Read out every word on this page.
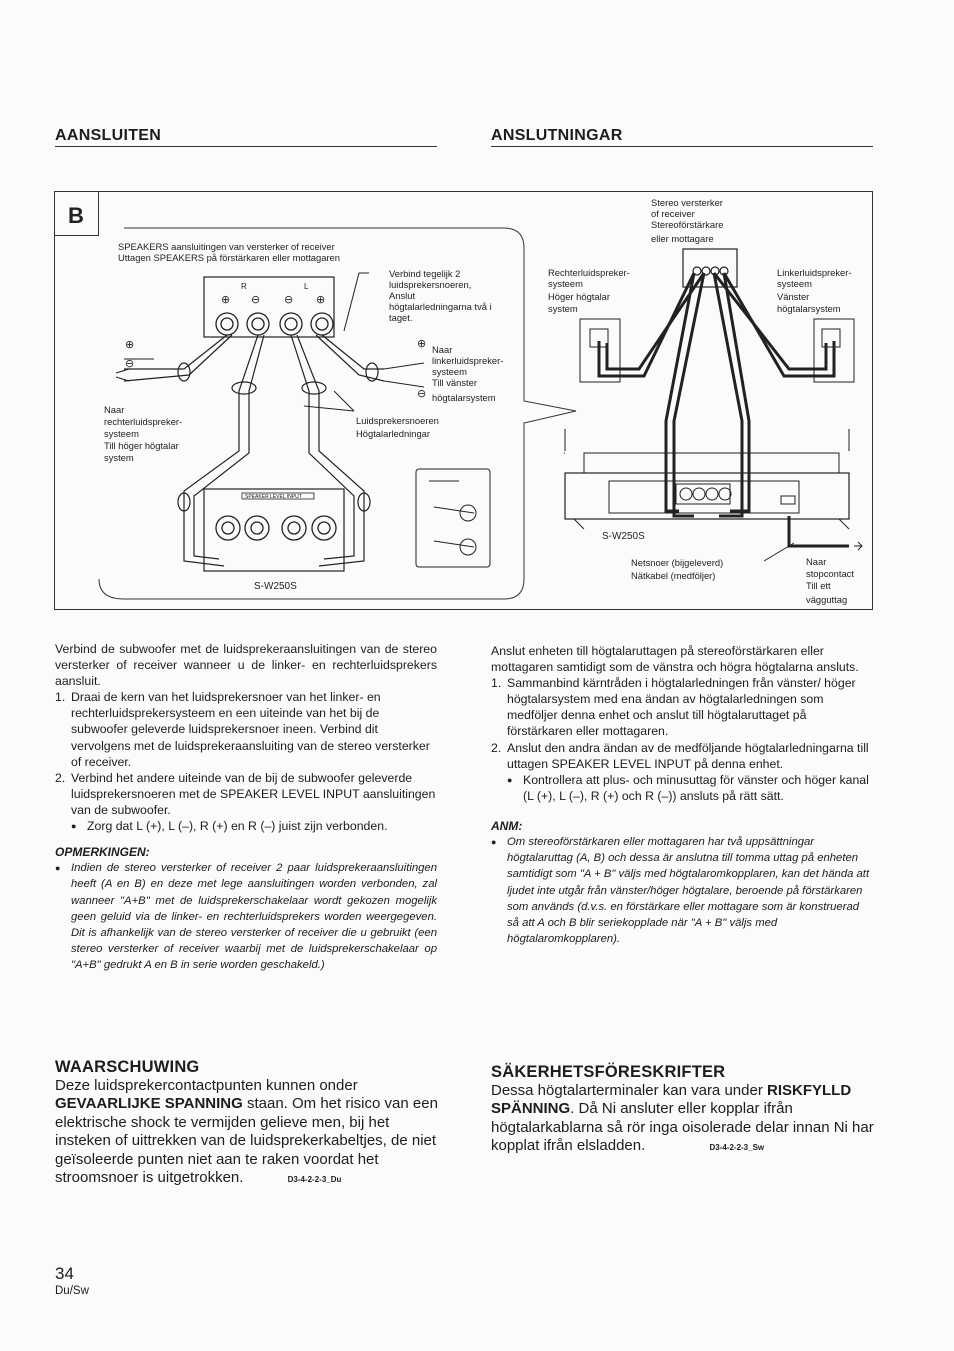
AANSLUITEN	ANSLUTNINGAR
B
SPEAKERS aansluitingen van versterker of receiver
Uttagen SPEAKERS på förstärkaren eller mottagaren
R	L
⊕ ⊖ ⊖ ⊕
Verbind tegelijk 2
luidsprekersnoeren,
Anslut
högtalarledningarna två i
taget.
⊕
⊖
⊕
⊖
Naar
linkerluidspreker-
systeem
Till vänster
högtalarsystem
Naar
rechterluidspreker-
systeem
Till höger högtalar
system
Luidsprekersnoeren
Högtalarledningar
SPEAKER LEVEL INPUT
S-W250S
Stereo versterker
of receiver
Stereoförstärkare
eller mottagare
Rechterluidspreker-
systeem
Höger högtalar
system
Linkerluidspreker-
systeem
Vänster
högtalarsystem
S-W250S
Netsnoer (bijgeleverd)
Nätkabel (medföljer)
Naar
stopcontact
Till ett
vägguttag

Verbind de subwoofer met de luidsprekeraansluitingen van de stereo versterker of receiver wanneer u de linker- en rechterluidsprekers aansluit.

1. Draai de kern van het luidsprekersnoer van het linker- en rechterluidsprekersysteem en een uiteinde van het bij de subwoofer geleverde luidsprekersnoer ineen. Verbind dit vervolgens met de luidsprekeraansluiting van de stereo versterker of receiver.
2. Verbind het andere uiteinde van de bij de subwoofer geleverde luidsprekersnoeren met de SPEAKER LEVEL INPUT aansluitingen van de subwoofer.
● Zorg dat L (+), L (–), R (+) en R (–) juist zijn verbonden.
OPMERKINGEN:
● Indien de stereo versterker of receiver 2 paar luidsprekeraansluitingen heeft (A en B) en deze met lege aansluitingen worden verbonden, zal wanneer "A+B" met de luidsprekerschakelaar wordt gekozen mogelijk geen geluid via de linker- en rechterluidsprekers worden weergegeven. Dit is afhankelijk van de stereo versterker of receiver die u gebruikt (een stereo versterker of receiver waarbij met de luidsprekerschakelaar op "A+B" gedrukt A en B in serie worden geschakeld.)

Anslut enheten till högtalaruttagen på stereoförstärkaren eller mottagaren samtidigt som de vänstra och högra högtalarna ansluts.

1. Sammanbind kärntråden i högtalarledningen från vänster/ höger högtalarsystem med ena ändan av högtalarledningen som medföljer denna enhet och anslut till högtalaruttaget på förstärkaren eller mottagaren.
2. Anslut den andra ändan av de medföljande högtalarledningarna till uttagen SPEAKER LEVEL INPUT på denna enhet.
● Kontrollera att plus- och minusuttag för vänster och höger kanal (L (+), L (–), R (+) och R (–)) ansluts på rätt sätt.
ANM:
● Om stereoförstärkaren eller mottagaren har två uppsättningar högtalaruttag (A, B) och dessa är anslutna till tomma uttag på enheten samtidigt som "A + B" väljs med högtalaromkopplaren, kan det hända att ljudet inte utgår från vänster/höger högtalare, beroende på förstärkaren som används (d.v.s. en förstärkare eller mottagare som är konstruerad så att A och B blir seriekopplade när "A + B" väljs med högtalaromkopplaren).
WAARSCHUWING
Deze luidsprekercontactpunten kunnen onder GEVAARLIJKE SPANNING staan. Om het risico van een elektrische shock te vermijden gelieve men, bij het insteken of uittrekken van de luidsprekerkabeltjes, de niet geïsoleerde punten niet aan te raken voordat het stroomsnoer is uitgetrokken.	D3-4-2-2-3_Du
SÄKERHETSFÖRESKRIFTER
Dessa högtalarterminaler kan vara under RISKFYLLD SPÄNNING. Då Ni ansluter eller kopplar ifrån högtalarkablarna så rör inga oisolerade delar innan Ni har kopplat ifrån elsladden.	D3-4-2-2-3_Sw
34
Du/Sw
